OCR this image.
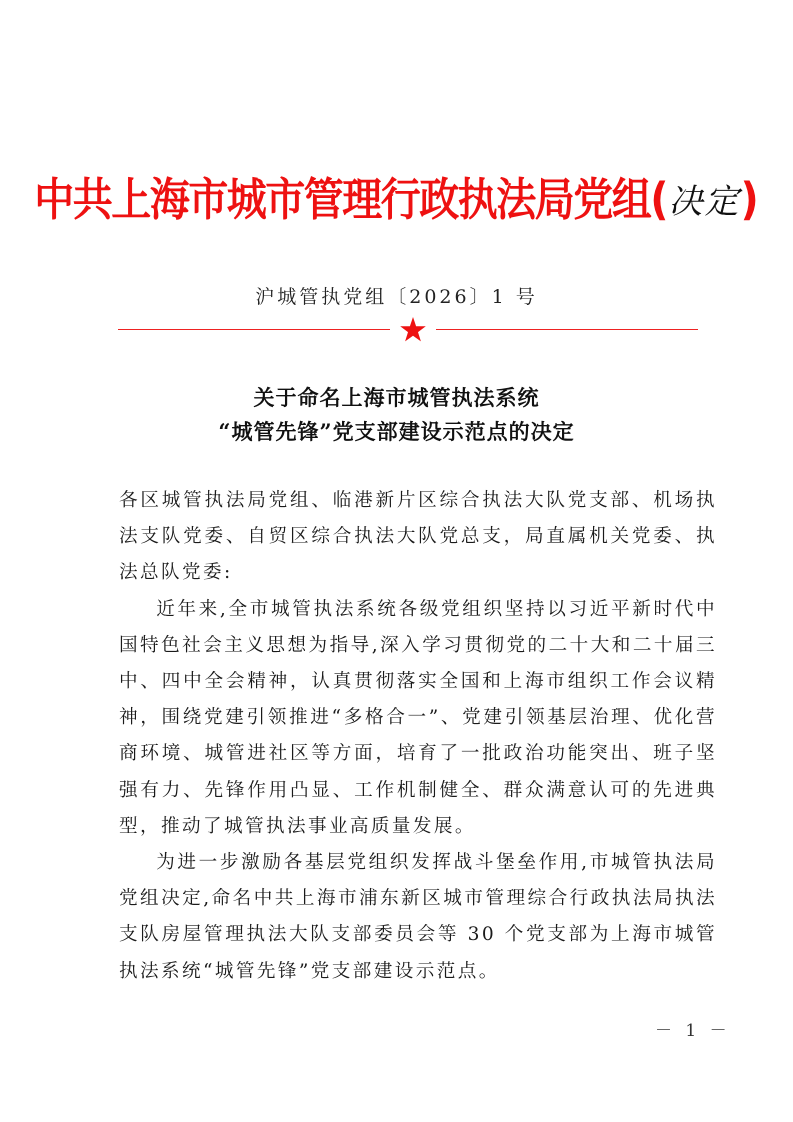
中共上海市城市管理行政执法局党组(决定)
沪城管执党组〔2026〕1 号
关于命名上海市城管执法系统
“城管先锋”党支部建设示范点的决定

各区城管执法局党组、临港新片区综合执法大队党支部、机场执法支队党委、自贸区综合执法大队党总支，局直属机关党委、执法总队党委:

近年来,全市城管执法系统各级党组织坚持以习近平新时代中国特色社会主义思想为指导,深入学习贯彻党的二十大和二十届三中、四中全会精神，认真贯彻落实全国和上海市组织工作会议精神，围绕党建引领推进“多格合一”、党建引领基层治理、优化营商环境、城管进社区等方面，培育了一批政治功能突出、班子坚强有力、先锋作用凸显、工作机制健全、群众满意认可的先进典型，推动了城管执法事业高质量发展。

为进一步激励各基层党组织发挥战斗堡垒作用,市城管执法局党组决定,命名中共上海市浦东新区城市管理综合行政执法局执法支队房屋管理执法大队支部委员会等 30 个党支部为上海市城管执法系统“城管先锋”党支部建设示范点。

－ 1 －
